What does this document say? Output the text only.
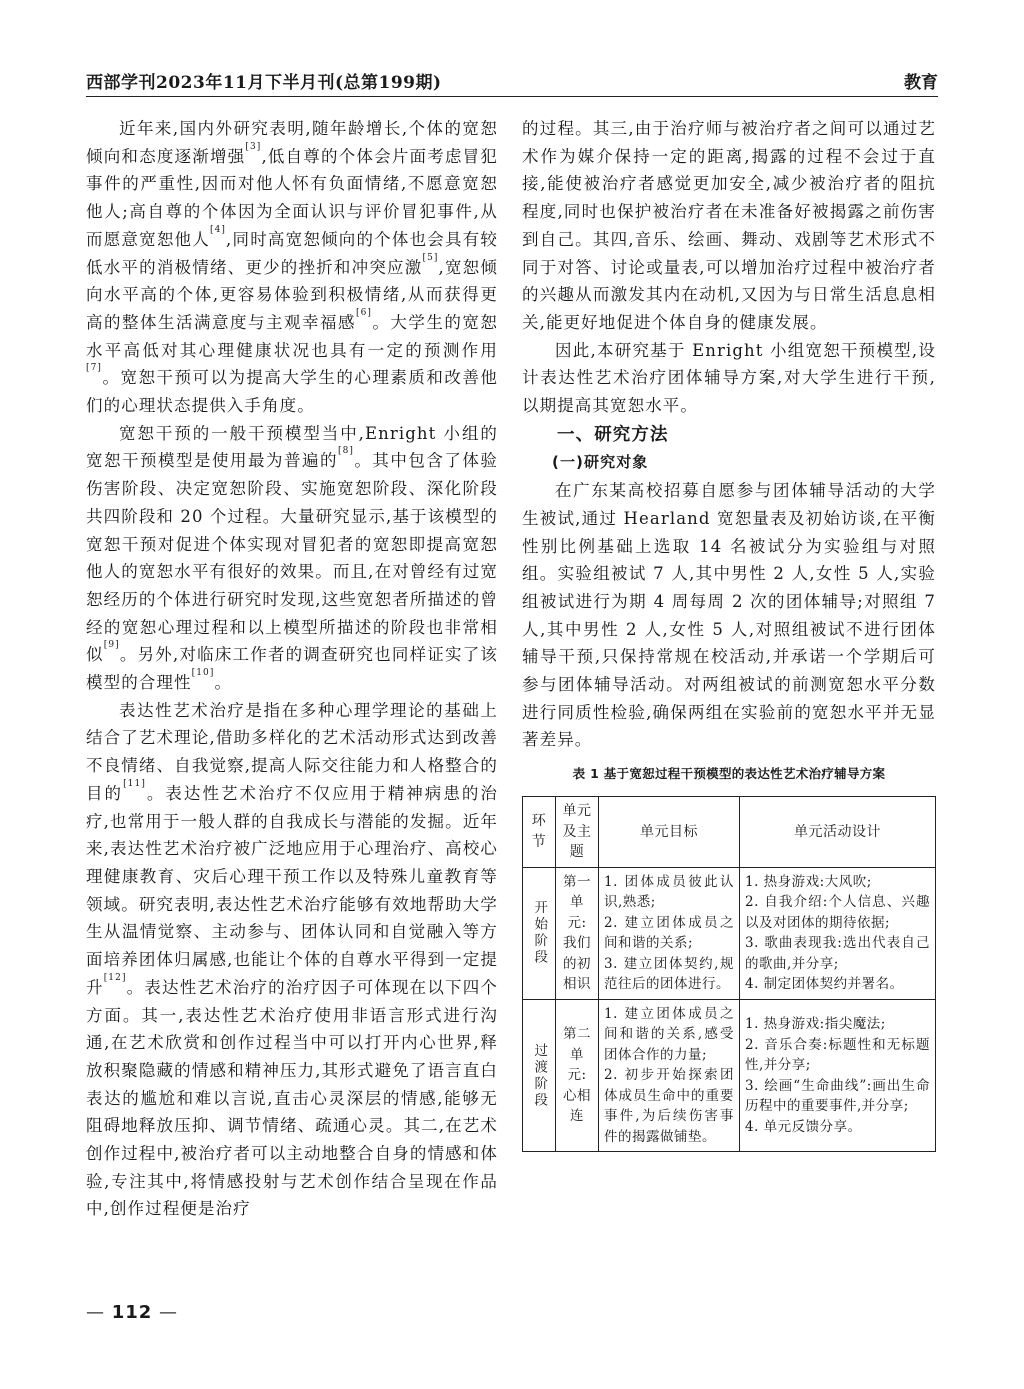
西部学刊2023年11月下半月刊(总第199期)	教育

近年来,国内外研究表明,随年龄增长,个体的宽恕倾向和态度逐渐增强[3],低自尊的个体会片面考虑冒犯事件的严重性,因而对他人怀有负面情绪,不愿意宽恕他人;高自尊的个体因为全面认识与评价冒犯事件,从而愿意宽恕他人[4],同时高宽恕倾向的个体也会具有较低水平的消极情绪、更少的挫折和冲突应激[5],宽恕倾向水平高的个体,更容易体验到积极情绪,从而获得更高的整体生活满意度与主观幸福感[6]。大学生的宽恕水平高低对其心理健康状况也具有一定的预测作用[7]。宽恕干预可以为提高大学生的心理素质和改善他们的心理状态提供入手角度。

宽恕干预的一般干预模型当中,Enright 小组的宽恕干预模型是使用最为普遍的[8]。其中包含了体验伤害阶段、决定宽恕阶段、实施宽恕阶段、深化阶段共四阶段和 20 个过程。大量研究显示,基于该模型的宽恕干预对促进个体实现对冒犯者的宽恕即提高宽恕他人的宽恕水平有很好的效果。而且,在对曾经有过宽恕经历的个体进行研究时发现,这些宽恕者所描述的曾经的宽恕心理过程和以上模型所描述的阶段也非常相似[9]。另外,对临床工作者的调查研究也同样证实了该模型的合理性[10]。

表达性艺术治疗是指在多种心理学理论的基础上结合了艺术理论,借助多样化的艺术活动形式达到改善不良情绪、自我觉察,提高人际交往能力和人格整合的目的[11]。表达性艺术治疗不仅应用于精神病患的治疗,也常用于一般人群的自我成长与潜能的发掘。近年来,表达性艺术治疗被广泛地应用于心理治疗、高校心理健康教育、灾后心理干预工作以及特殊儿童教育等领域。研究表明,表达性艺术治疗能够有效地帮助大学生从温情觉察、主动参与、团体认同和自觉融入等方面培养团体归属感,也能让个体的自尊水平得到一定提升[12]。表达性艺术治疗的治疗因子可体现在以下四个方面。其一,表达性艺术治疗使用非语言形式进行沟通,在艺术欣赏和创作过程当中可以打开内心世界,释放积聚隐藏的情感和精神压力,其形式避免了语言直白表达的尴尬和难以言说,直击心灵深层的情感,能够无阻碍地释放压抑、调节情绪、疏通心灵。其二,在艺术创作过程中,被治疗者可以主动地整合自身的情感和体验,专注其中,将情感投射与艺术创作结合呈现在作品中,创作过程便是治疗

的过程。其三,由于治疗师与被治疗者之间可以通过艺术作为媒介保持一定的距离,揭露的过程不会过于直接,能使被治疗者感觉更加安全,减少被治疗者的阻抗程度,同时也保护被治疗者在未准备好被揭露之前伤害到自己。其四,音乐、绘画、舞动、戏剧等艺术形式不同于对答、讨论或量表,可以增加治疗过程中被治疗者的兴趣从而激发其内在动机,又因为与日常生活息息相关,能更好地促进个体自身的健康发展。

因此,本研究基于 Enright 小组宽恕干预模型,设计表达性艺术治疗团体辅导方案,对大学生进行干预,以期提高其宽恕水平。

一、研究方法
(一)研究对象

在广东某高校招募自愿参与团体辅导活动的大学生被试,通过 Hearland 宽恕量表及初始访谈,在平衡性别比例基础上选取 14 名被试分为实验组与对照组。实验组被试 7 人,其中男性 2 人,女性 5 人,实验组被试进行为期 4 周每周 2 次的团体辅导;对照组 7 人,其中男性 2 人,女性 5 人,对照组被试不进行团体辅导干预,只保持常规在校活动,并承诺一个学期后可参与团体辅导活动。对两组被试的前测宽恕水平分数进行同质性检验,确保两组在实验前的宽恕水平并无显著差异。

表 1 基于宽恕过程干预模型的表达性艺术治疗辅导方案
环节	单元及主题	单元目标	单元活动设计
开始阶段	第一单元:我们的初相识	1. 团体成员彼此认识,熟悉;
2. 建立团体成员之间和谐的关系;
3. 建立团体契约,规范往后的团体进行。	1. 热身游戏:大风吹;
2. 自我介绍:个人信息、兴趣以及对团体的期待依据;
3. 歌曲表现我:选出代表自己的歌曲,并分享;
4. 制定团体契约并署名。

过渡阶段	第二单元:心相连	1. 建立团体成员之间和谐的关系,感受团体合作的力量;
2. 初步开始探索团体成员生命中的重要事件,为后续伤害事件的揭露做铺垫。	1. 热身游戏:指尖魔法;
2. 音乐合奏:标题性和无标题性,并分享;
3. 绘画“生命曲线”:画出生命历程中的重要事件,并分享;
4. 单元反馈分享。
— 112 —
